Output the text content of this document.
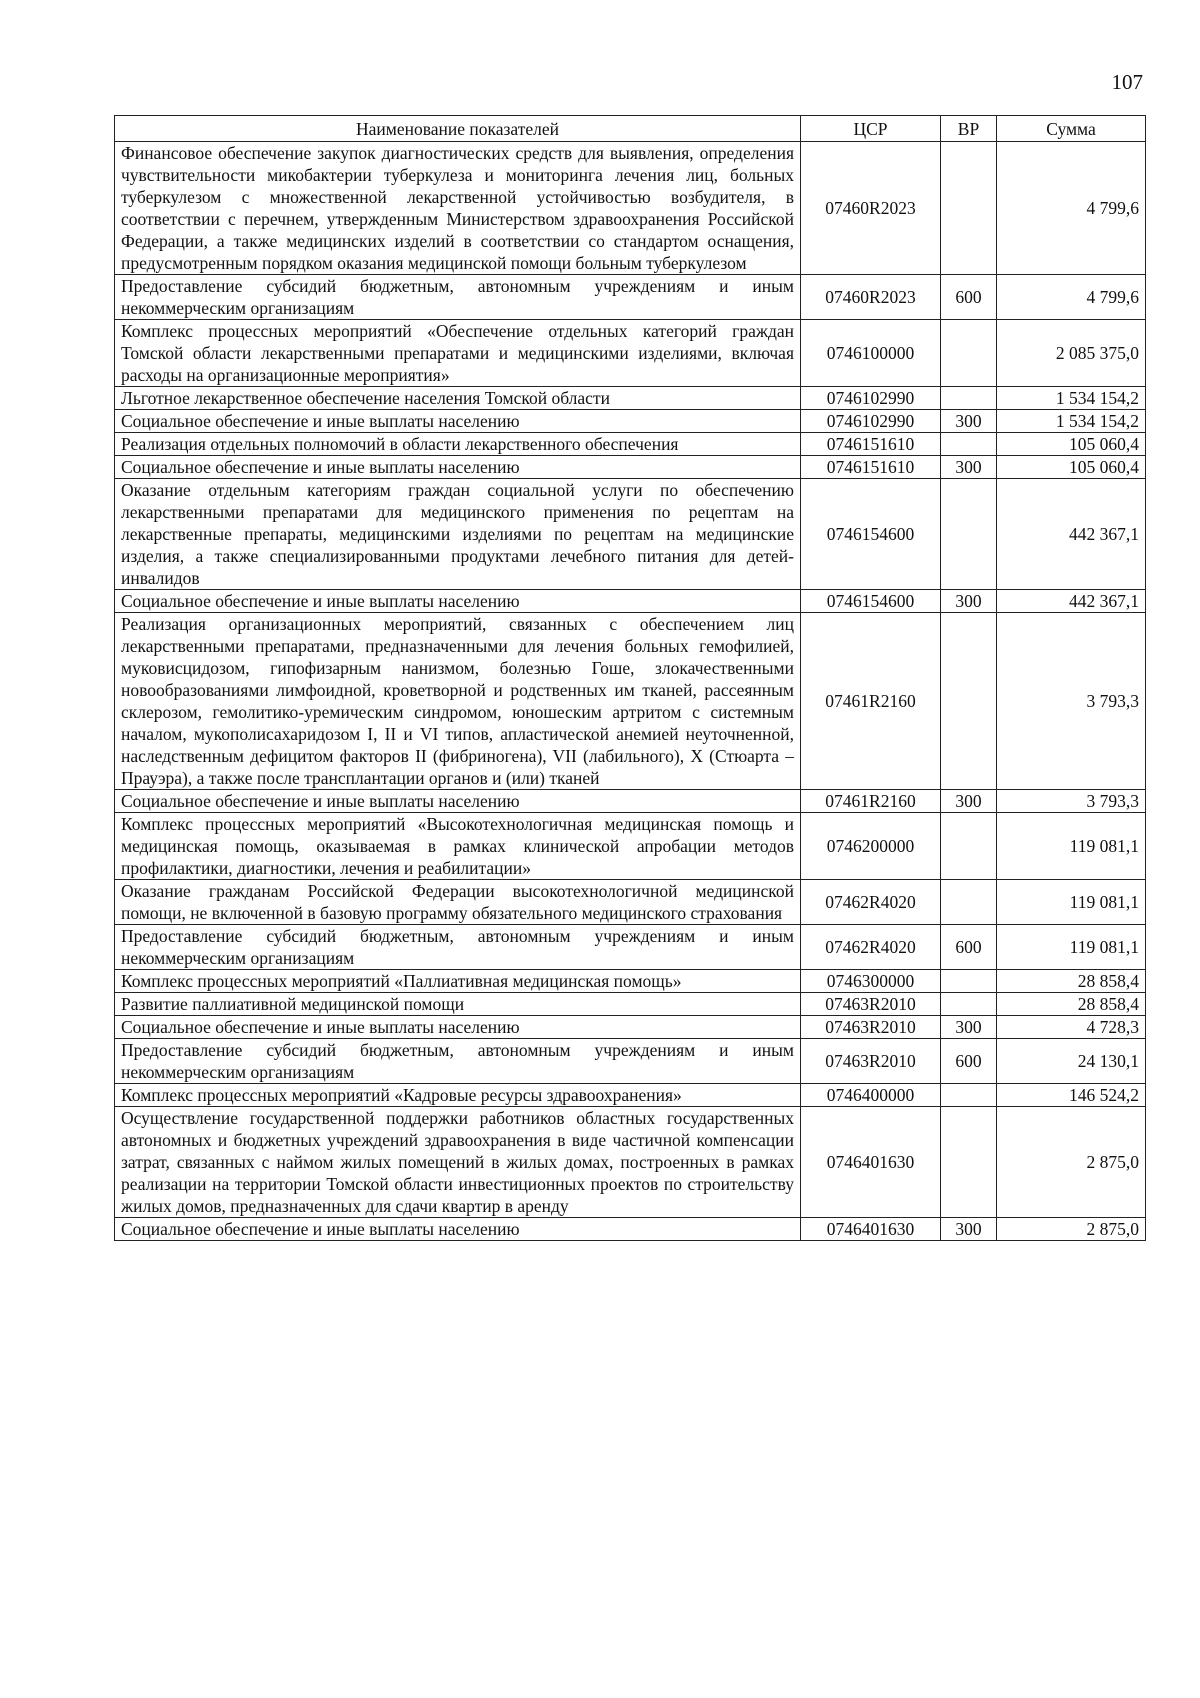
107
Наименование показателей	ЦСР	ВР	Сумма
Финансовое обеспечение закупок диагностических средств для выявления, определения чувствительности микобактерии туберкулеза и мониторинга лечения лиц, больных туберкулезом с множественной лекарственной устойчивостью возбудителя, в соответствии с перечнем, утвержденным Министерством здравоохранения Российской Федерации, а также медицинских изделий в соответствии со стандартом оснащения, предусмотренным порядком оказания медицинской помощи больным туберкулезом	07460R2023		4 799,6
Предоставление субсидий бюджетным, автономным учреждениям и иным некоммерческим организациям	07460R2023	600	4 799,6
Комплекс процессных мероприятий «Обеспечение отдельных категорий граждан Томской области лекарственными препаратами и медицинскими изделиями, включая расходы на организационные мероприятия»	0746100000		2 085 375,0
Льготное лекарственное обеспечение населения Томской области	0746102990		1 534 154,2
Социальное обеспечение и иные выплаты населению	0746102990	300	1 534 154,2
Реализация отдельных полномочий в области лекарственного обеспечения	0746151610		105 060,4
Социальное обеспечение и иные выплаты населению	0746151610	300	105 060,4
Оказание отдельным категориям граждан социальной услуги по обеспечению лекарственными препаратами для медицинского применения по рецептам на лекарственные препараты, медицинскими изделиями по рецептам на медицинские изделия, а также специализированными продуктами лечебного питания для детей-инвалидов	0746154600		442 367,1
Социальное обеспечение и иные выплаты населению	0746154600	300	442 367,1
Реализация организационных мероприятий, связанных с обеспечением лиц лекарственными препаратами, предназначенными для лечения больных гемофилией, муковисцидозом, гипофизарным нанизмом, болезнью Гоше, злокачественными новообразованиями лимфоидной, кроветворной и родственных им тканей, рассеянным склерозом, гемолитико-уремическим синдромом, юношеским артритом с системным началом, мукополисахаридозом I, II и VI типов, апластической анемией неуточненной, наследственным дефицитом факторов II (фибриногена), VII (лабильного), X (Стюарта – Прауэра), а также после трансплантации органов и (или) тканей	07461R2160		3 793,3
Социальное обеспечение и иные выплаты населению	07461R2160	300	3 793,3
Комплекс процессных мероприятий «Высокотехнологичная медицинская помощь и медицинская помощь, оказываемая в рамках клинической апробации методов профилактики, диагностики, лечения и реабилитации»	0746200000		119 081,1
Оказание гражданам Российской Федерации высокотехнологичной медицинской помощи, не включенной в базовую программу обязательного медицинского страхования	07462R4020		119 081,1
Предоставление субсидий бюджетным, автономным учреждениям и иным некоммерческим организациям	07462R4020	600	119 081,1
Комплекс процессных мероприятий «Паллиативная медицинская помощь»	0746300000		28 858,4
Развитие паллиативной медицинской помощи	07463R2010		28 858,4
Социальное обеспечение и иные выплаты населению	07463R2010	300	4 728,3
Предоставление субсидий бюджетным, автономным учреждениям и иным некоммерческим организациям	07463R2010	600	24 130,1
Комплекс процессных мероприятий «Кадровые ресурсы здравоохранения»	0746400000		146 524,2
Осуществление государственной поддержки работников областных государственных автономных и бюджетных учреждений здравоохранения в виде частичной компенсации затрат, связанных с наймом жилых помещений в жилых домах, построенных в рамках реализации на территории Томской области инвестиционных проектов по строительству жилых домов, предназначенных для сдачи квартир в аренду	0746401630		2 875,0
Социальное обеспечение и иные выплаты населению	0746401630	300	2 875,0
